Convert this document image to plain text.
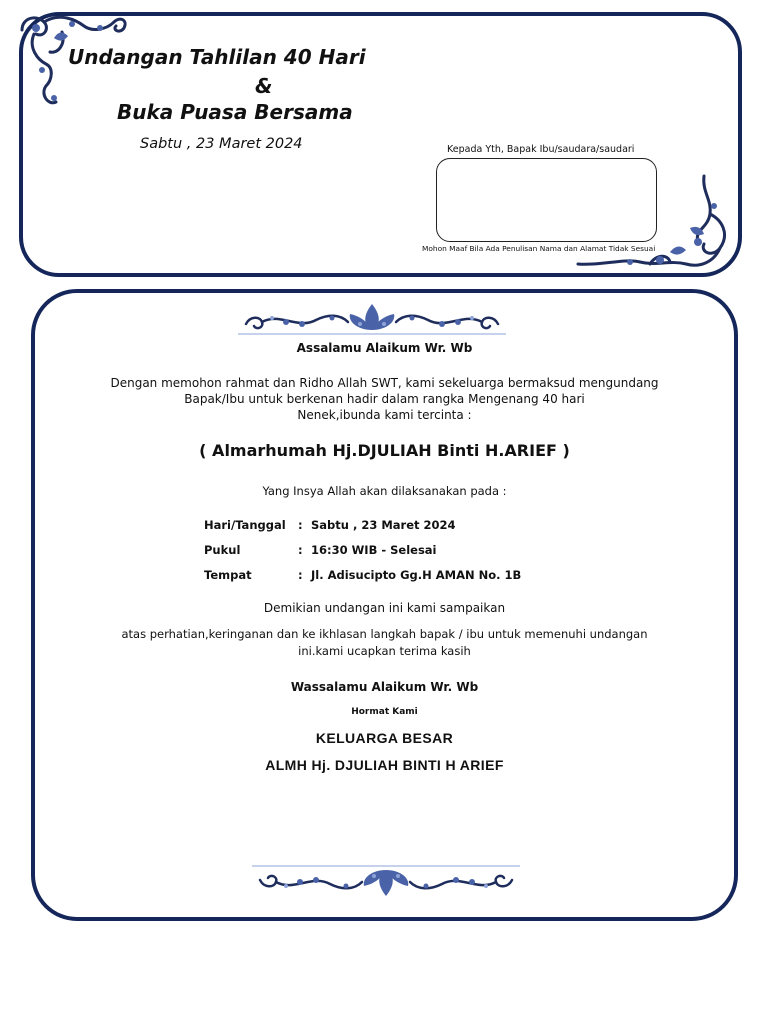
Undangan Tahlilan 40 Hari
&
Buka Puasa Bersama
Sabtu , 23 Maret 2024	Kepada Yth, Bapak Ibu/saudara/saudari
Mohon Maaf Bila Ada Penulisan Nama dan Alamat Tidak Sesuai
Assalamu Alaikum Wr. Wb
Dengan memohon rahmat dan Ridho Allah SWT, kami sekeluarga bermaksud mengundang
Bapak/Ibu untuk berkenan hadir dalam rangka Mengenang 40 hari
Nenek,ibunda kami tercinta :
( Almarhumah Hj.DJULIAH Binti H.ARIEF )
Yang Insya Allah akan dilaksanakan pada :
Hari/Tanggal : Sabtu , 23 Maret 2024
Pukul	: 16:30 WIB - Selesai
Tempat	: Jl. Adisucipto Gg.H AMAN No. 1B
Demikian undangan ini kami sampaikan
atas perhatian,keringanan dan ke ikhlasan langkah bapak / ibu untuk memenuhi undangan
ini.kami ucapkan terima kasih
Wassalamu Alaikum Wr. Wb
Hormat Kami
KELUARGA BESAR
ALMH Hj. DJULIAH BINTI H ARIEF
